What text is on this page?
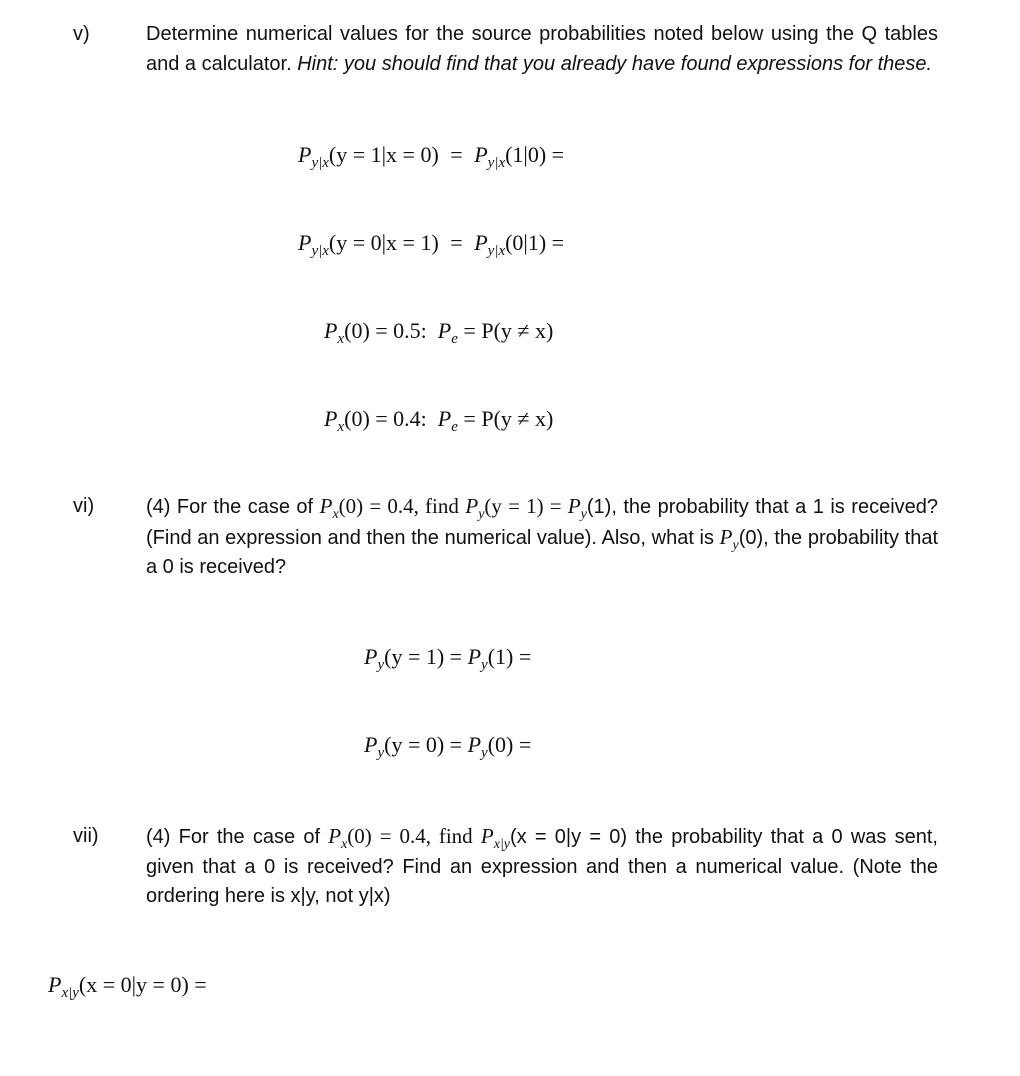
v)	Determine numerical values for the source probabilities noted below using the Q tables and a calculator. Hint: you should find that you already have found expressions for these.
$P_{y|x}(y = 1|x = 0) = P_{y|x}(1|0)$ =
$P_{y|x}(y = 0|x = 1) = P_{y|x}(0|1)$ =
$P_x(0) = 0.5$: $P_e = P(y \ne x)$
$P_x(0) = 0.4$: $P_e = P(y \ne x)$
vi)	(4) For the case of $P_x(0) = 0.4$, find $P_y(y = 1) = P_y(1)$, the probability that a 1 is received? (Find an expression and then the numerical value). Also, what is $P_y(0)$, the probability that a 0 is received?
$P_y(y = 1) = P_y(1)$ =
$P_y(y = 0) = P_y(0)$ =
vii) (4) For the case of $P_x(0) = 0.4$, find $P_{x|y}(x = 0|y = 0)$ the probability that a 0 was sent, given that a 0 is received? Find an expression and then a numerical value. (Note the ordering here is x|y, not y|x)
$P_{x|y}(x = 0|y = 0)$ =
